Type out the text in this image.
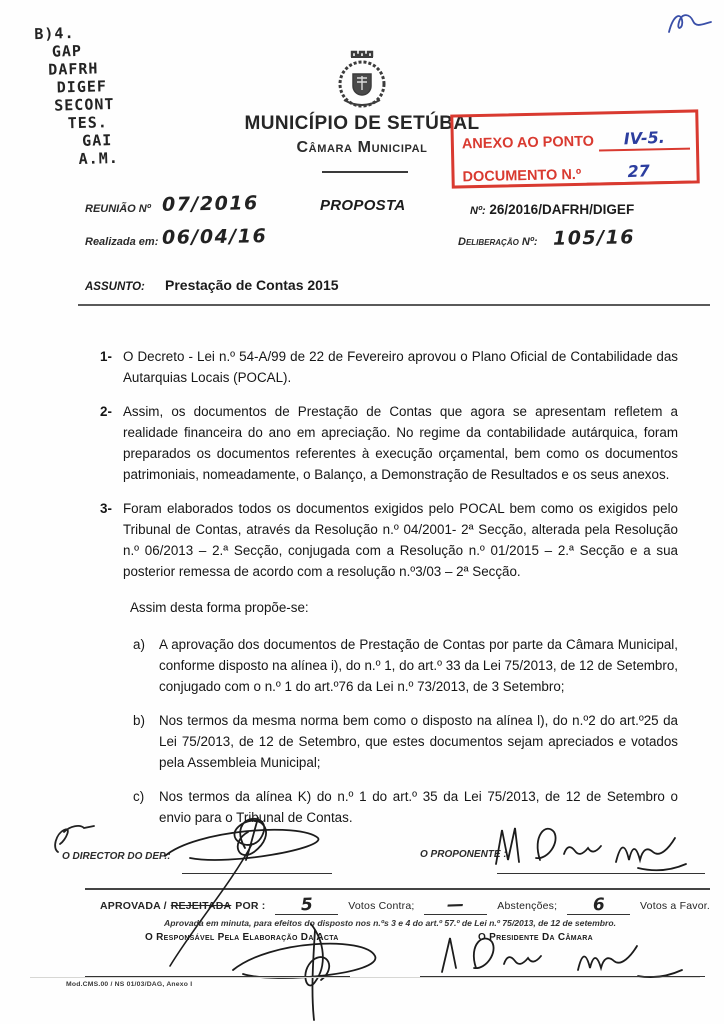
B)4.
GAP
DAFRH
DIGEF
SECONT
TES.
GAI
A.M.
MUNICÍPIO DE SETÚBAL
Câmara Municipal	ANEXO AO PONTO	IV-5.
DOCUMENTO N.º	27
REUNIÃO Nº 07/2016
Realizada em: 06/04/16
PROPOSTA	Nº: 26/2016/DAFRH/DIGEF
Deliberação Nº: 105/16
ASSUNTO: Prestação de Contas 2015
1- O Decreto - Lei n.º 54-A/99 de 22 de Fevereiro aprovou o Plano Oficial de Contabilidade das Autarquias Locais (POCAL).
2- Assim, os documentos de Prestação de Contas que agora se apresentam refletem a realidade financeira do ano em apreciação. No regime da contabilidade autárquica, foram preparados os documentos referentes à execução orçamental, bem como os documentos patrimoniais, nomeadamente, o Balanço, a Demonstração de Resultados e os seus anexos.
3- Foram elaborados todos os documentos exigidos pelo POCAL bem como os exigidos pelo Tribunal de Contas, através da Resolução n.º 04/2001- 2ª Secção, alterada pela Resolução n.º 06/2013 – 2.ª Secção, conjugada com a Resolução n.º 01/2015 – 2.ª Secção e a sua posterior remessa de acordo com a resolução n.º3/03 – 2ª Secção.
Assim desta forma propõe-se:
a)	A aprovação dos documentos de Prestação de Contas por parte da Câmara Municipal, conforme disposto na alínea i), do n.º 1, do art.º 33 da Lei 75/2013, de 12 de Setembro, conjugado com o n.º 1 do art.º76 da Lei n.º 73/2013, de 3 Setembro;
b)	Nos termos da mesma norma bem como o disposto na alínea l), do n.º2 do art.º25 da Lei 75/2013, de 12 de Setembro, que estes documentos sejam apreciados e votados pela Assembleia Municipal;
c)	Nos termos da alínea K) do n.º 1 do art.º 35 da Lei 75/2013, de 12 de Setembro o envio para o Tribunal de Contas.
O DIRECTOR DO DEP.:	O PROPONENTE :
APROVADA / REJEITADA POR :	5	Votos Contra;	—	Abstenções;	6	Votos a Favor.
Aprovada em minuta, para efeitos do disposto nos n.ºs 3 e 4 do art.º 57.º de Lei n.º 75/2013, de 12 de setembro.
O Responsável Pela Elaboração Da Acta	O Presidente Da Câmara
Mod.CMS.00 / NS 01/03/DAG, Anexo I
